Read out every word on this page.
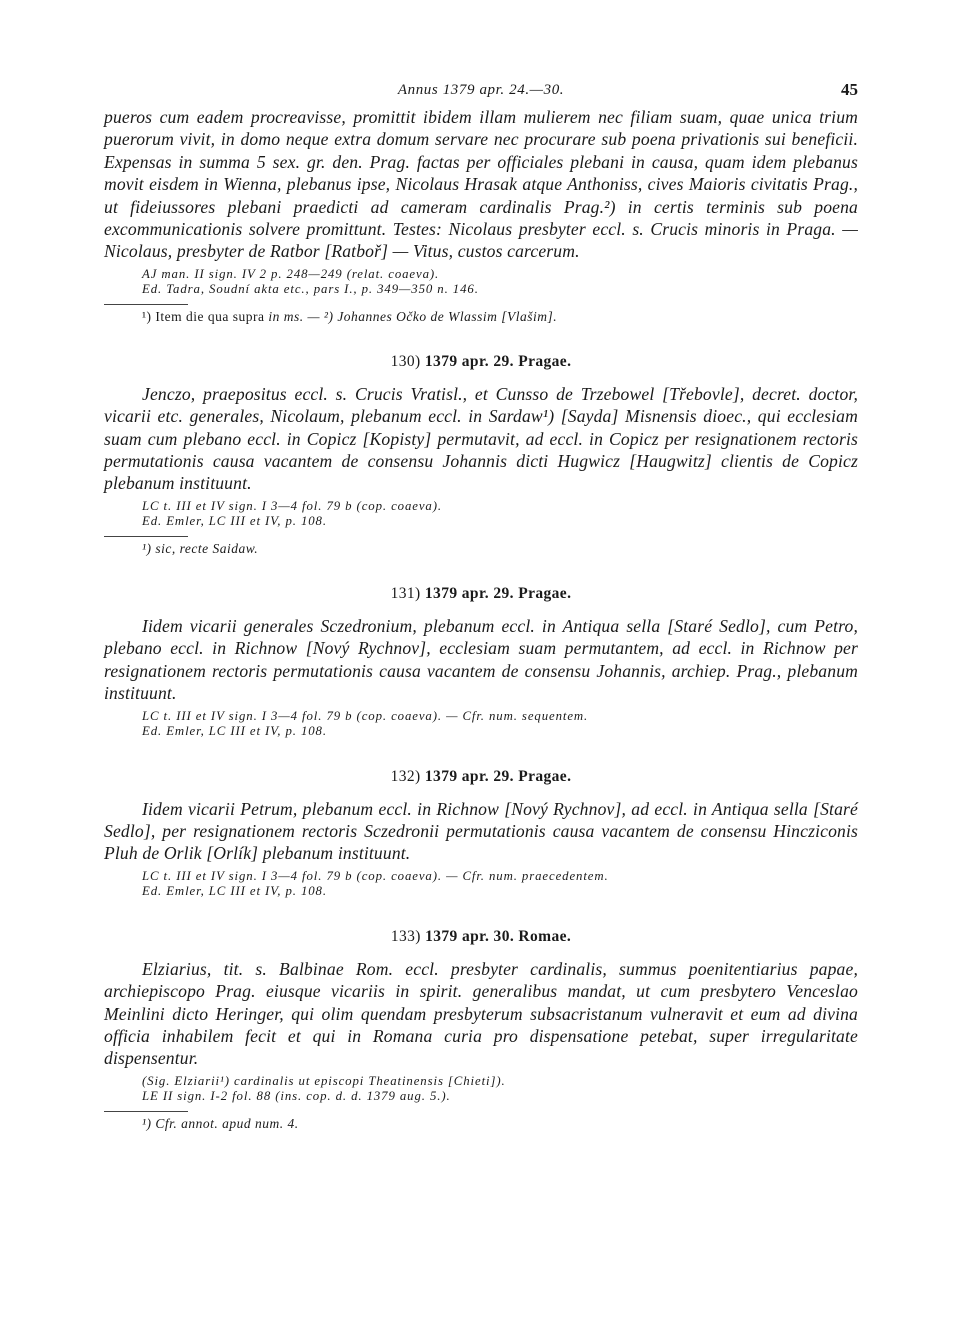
Annus 1379 apr. 24.—30.	45

pueros cum eadem procreavisse, promittit ibidem illam mulierem nec filiam suam, quae unica trium puerorum vivit, in domo neque extra domum servare nec procurare sub poena privationis sui beneficii. Expensas in summa 5 sex. gr. den. Prag. factas per officiales plebani in causa, quam idem plebanus movit eisdem in Wienna, plebanus ipse, Nicolaus Hrasak atque Anthoniss, cives Maioris civitatis Prag., ut fideiussores plebani praedicti ad cameram cardinalis Prag.²) in certis terminis sub poena excommunicationis solvere promittunt. Testes: Nicolaus presbyter eccl. s. Crucis minoris in Praga. — Nicolaus, presbyter de Ratbor [Ratboř] — Vitus, custos carcerum.

AJ man. II sign. IV 2 p. 248—249 (relat. coaeva).
Ed. Tadra, Soudní akta etc., pars I., p. 349—350 n. 146.
¹) Item die qua supra in ms. — ²) Johannes Očko de Wlassim [Vlašim].

130) 1379 apr. 29. Pragae.

Jenczo, praepositus eccl. s. Crucis Vratisl., et Cunsso de Trzebowel [Třebovle], decret. doctor, vicarii etc. generales, Nicolaum, plebanum eccl. in Sardaw¹) [Sayda] Misnensis dioec., qui ecclesiam suam cum plebano eccl. in Copicz [Kopisty] permutavit, ad eccl. in Copicz per resignationem rectoris permutationis causa vacantem de consensu Johannis dicti Hugwicz [Haugwitz] clientis de Copicz plebanum instituunt.

LC t. III et IV sign. I 3—4 fol. 79 b (cop. coaeva).
Ed. Emler, LC III et IV, p. 108.
¹) sic, recte Saidaw.

131) 1379 apr. 29. Pragae.

Iidem vicarii generales Sczedronium, plebanum eccl. in Antiqua sella [Staré Sedlo], cum Petro, plebano eccl. in Richnow [Nový Rychnov], ecclesiam suam permutantem, ad eccl. in Richnow per resignationem rectoris permutationis causa vacantem de consensu Johannis, archiep. Prag., plebanum instituunt.

LC t. III et IV sign. I 3—4 fol. 79 b (cop. coaeva). — Cfr. num. sequentem.
Ed. Emler, LC III et IV, p. 108.

132) 1379 apr. 29. Pragae.

Iidem vicarii Petrum, plebanum eccl. in Richnow [Nový Rychnov], ad eccl. in Antiqua sella [Staré Sedlo], per resignationem rectoris Sczedronii permutationis causa vacantem de consensu Hincziconis Pluh de Orlik [Orlík] plebanum instituunt.

LC t. III et IV sign. I 3—4 fol. 79 b (cop. coaeva). — Cfr. num. praecedentem.
Ed. Emler, LC III et IV, p. 108.

133) 1379 apr. 30. Romae.

Elziarius, tit. s. Balbinae Rom. eccl. presbyter cardinalis, summus poenitentiarius papae, archiepiscopo Prag. eiusque vicariis in spirit. generalibus mandat, ut cum presbytero Venceslao Meinlini dicto Heringer, qui olim quendam presbyterum subsacristanum vulneravit et eum ad divina officia inhabilem fecit et qui in Romana curia pro dispensatione petebat, super irregularitate dispensentur.

(Sig. Elziarii¹) cardinalis ut episcopi Theatinensis [Chieti]).
LE II sign. I-2 fol. 88 (ins. cop. d. d. 1379 aug. 5.).
¹) Cfr. annot. apud num. 4.
